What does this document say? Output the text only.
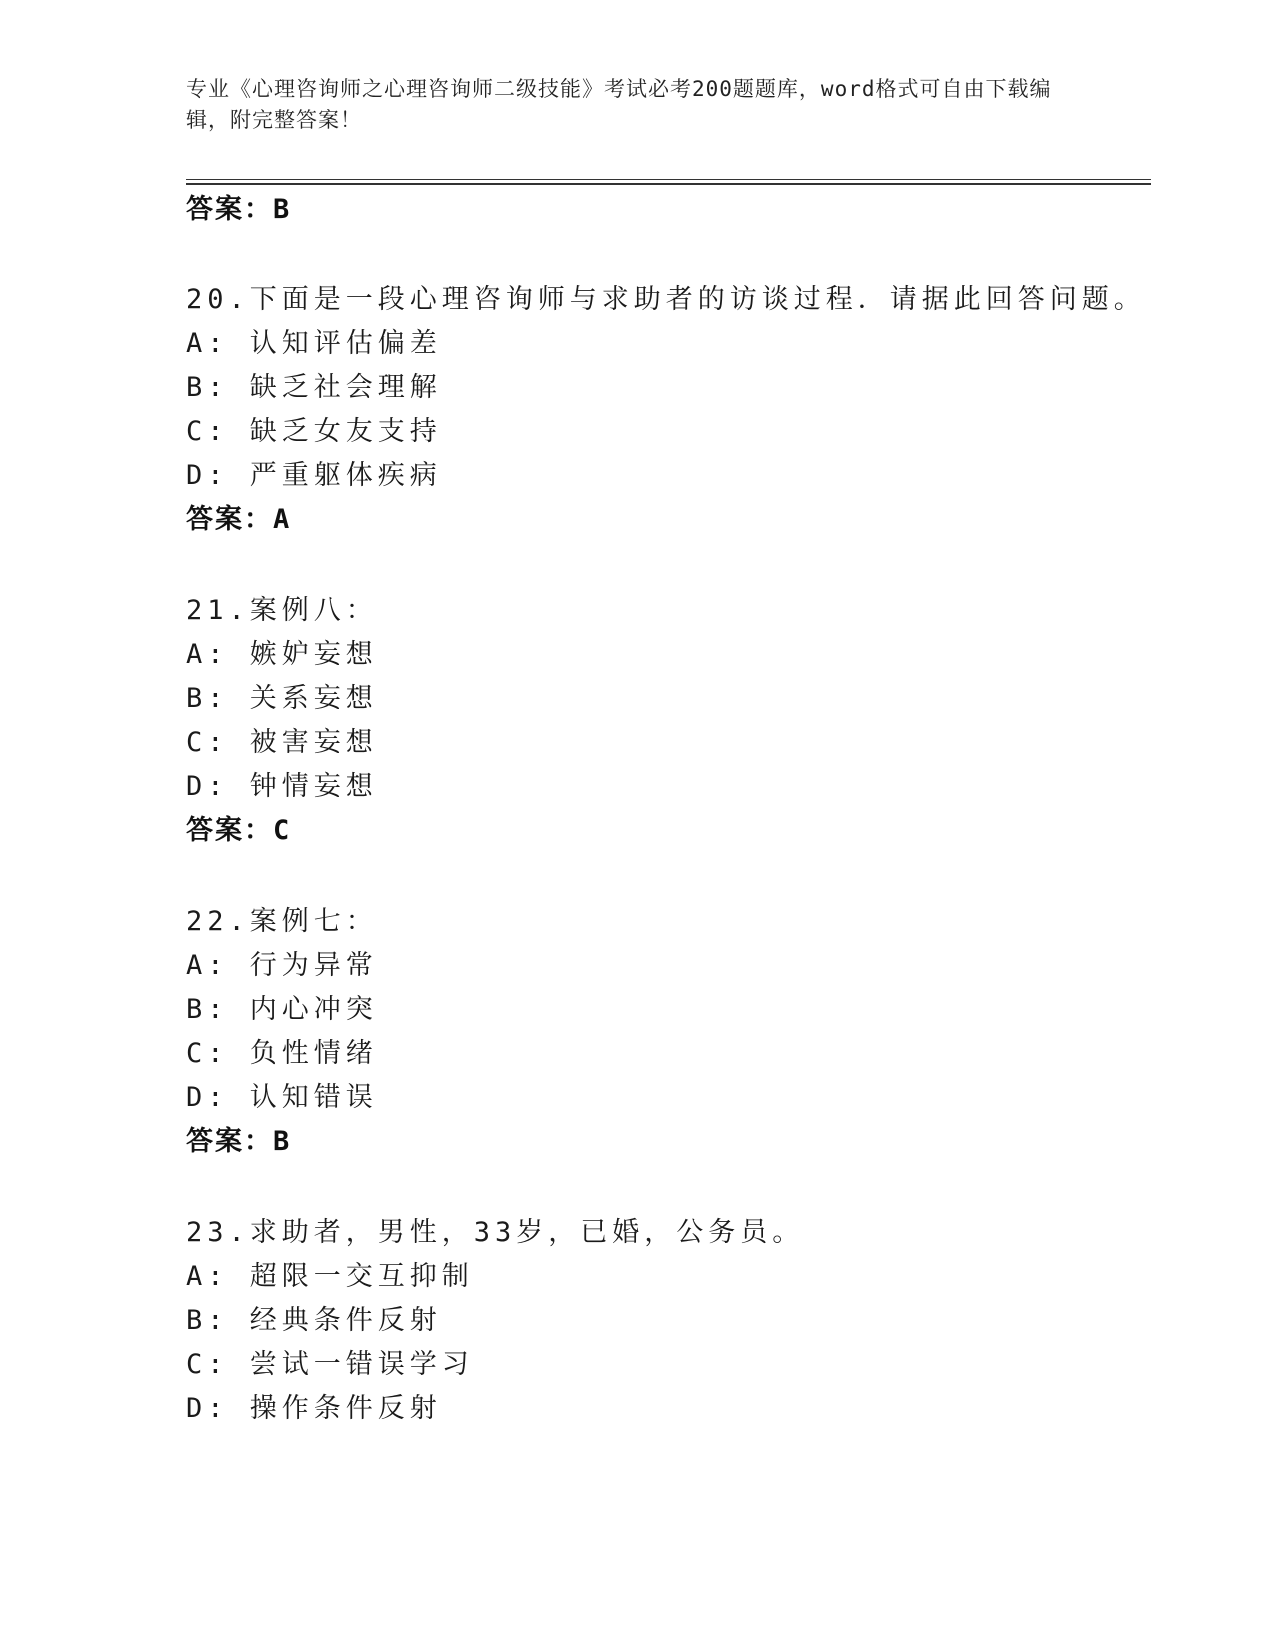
专业《心理咨询师之心理咨询师二级技能》考试必考200题题库，word格式可自由下载编辑，附完整答案！
答案：B
20.下面是一段心理咨询师与求助者的访谈过程．请据此回答问题。
A: 认知评估偏差
B: 缺乏社会理解
C: 缺乏女友支持
D: 严重躯体疾病
答案：A
21.案例八：
A: 嫉妒妄想
B: 关系妄想
C: 被害妄想
D: 钟情妄想
答案：C
22.案例七：
A: 行为异常
B: 内心冲突
C: 负性情绪
D: 认知错误
答案：B
23.求助者，男性，33岁，已婚，公务员。
A: 超限一交互抑制
B: 经典条件反射
C: 尝试一错误学习
D: 操作条件反射
